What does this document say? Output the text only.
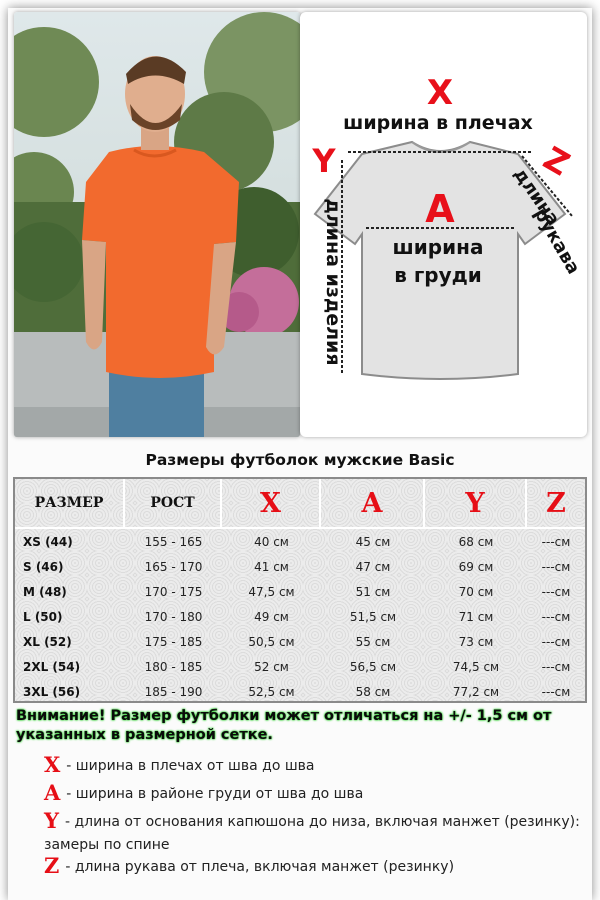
X
ширина в плечах
Y
длина изделия
Z
длина
рукава
A
ширина
в груди
Размеры футболок мужские Basic
РАЗМЕР	РОСТ	X	A	Y	Z
XS (44)	155 - 165	40 см	45 см	68 см	---см
S (46)	165 - 170	41 см	47 см	69 см	---см
M (48)	170 - 175	47,5 см	51 см	70 см	---см
L (50)	170 - 180	49 см	51,5 см	71 см	---см
XL (52)	175 - 185	50,5 см	55 см	73 см	---см
2XL (54)	180 - 185	52 см	56,5 см	74,5 см	---см
3XL (56)	185 - 190	52,5 см	58 см	77,2 см	---см
Внимание! Размер футболки может отличаться на +/- 1,5 см от указанных в размерной сетке.
X - ширина в плечах от шва до шва
A - ширина в районе груди от шва до шва
Y - длина от основания капюшона до низа, включая манжет (резинку): замеры по спине
Z - длина рукава от плеча, включая манжет (резинку)
